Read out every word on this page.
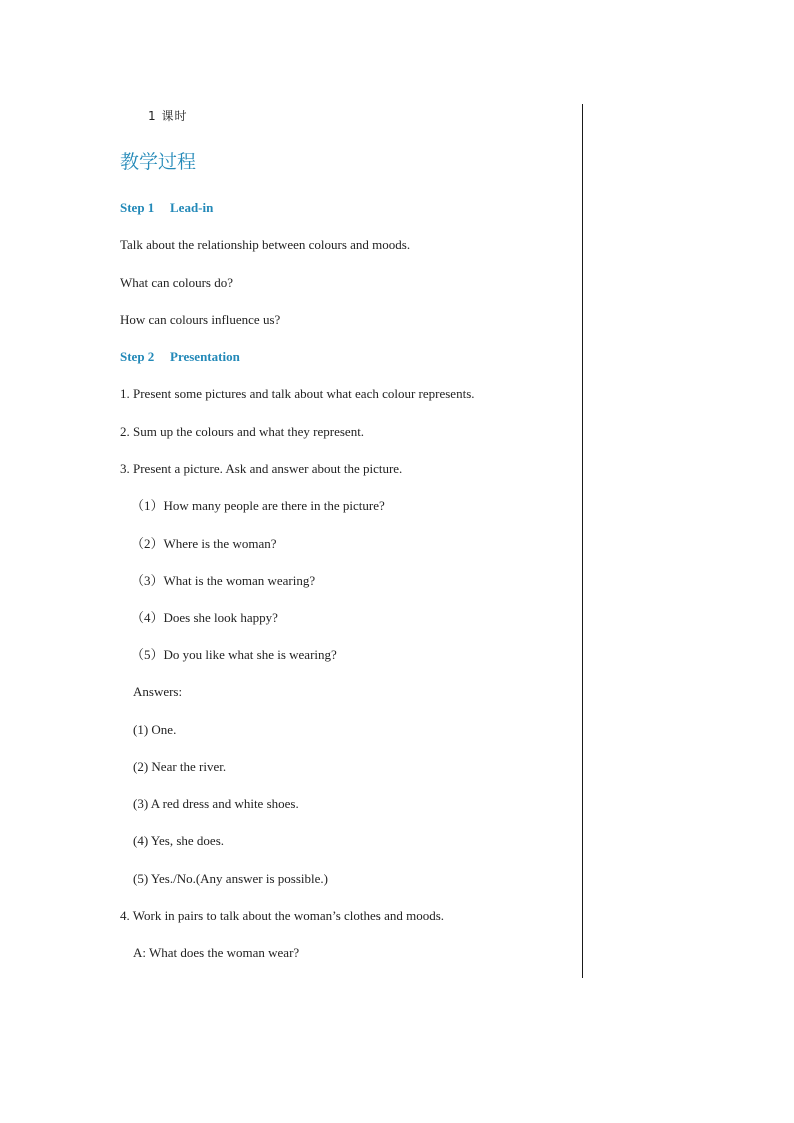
1 课时
教学过程
Step 1 Lead-in
Talk about the relationship between colours and moods.
What can colours do?
How can colours influence us?
Step 2 Presentation
1. Present some pictures and talk about what each colour represents.
2. Sum up the colours and what they represent.
3. Present a picture. Ask and answer about the picture.
（1）How many people are there in the picture?
（2）Where is the woman?
（3）What is the woman wearing?
（4）Does she look happy?
（5）Do you like what she is wearing?
Answers:
(1) One.
(2) Near the river.
(3) A red dress and white shoes.
(4) Yes, she does.
(5) Yes./No.(Any answer is possible.)
4. Work in pairs to talk about the woman’s clothes and moods.
A: What does the woman wear?
